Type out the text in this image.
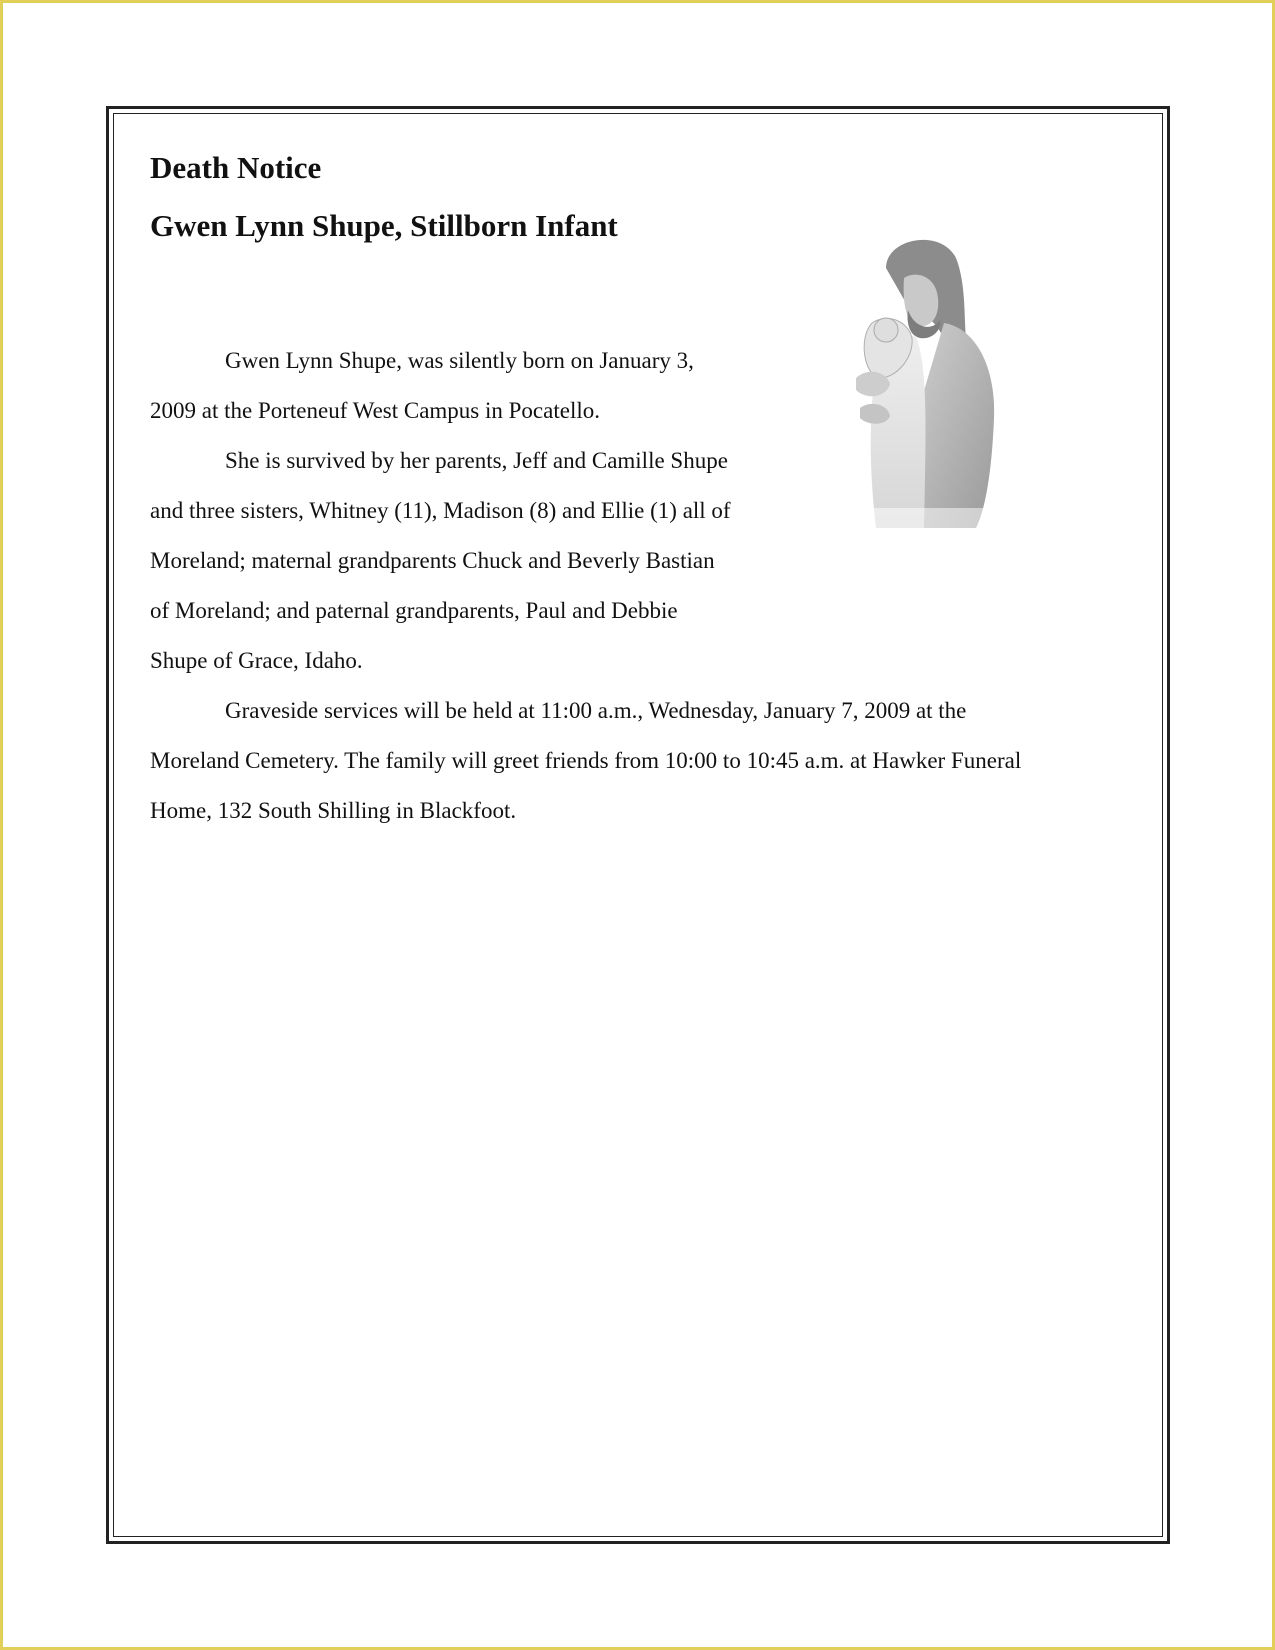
Death Notice
Gwen Lynn Shupe, Stillborn Infant
Gwen Lynn Shupe, was silently born on January 3,
2009 at the Porteneuf West Campus in Pocatello.
She is survived by her parents, Jeff and Camille Shupe
and three sisters, Whitney (11), Madison (8) and Ellie (1) all of
Moreland; maternal grandparents Chuck and Beverly Bastian
of Moreland; and paternal grandparents, Paul and Debbie
Shupe of Grace, Idaho.
Graveside services will be held at 11:00 a.m., Wednesday, January 7, 2009 at the
Moreland Cemetery. The family will greet friends from 10:00 to 10:45 a.m. at Hawker Funeral
Home, 132 South Shilling in Blackfoot.
